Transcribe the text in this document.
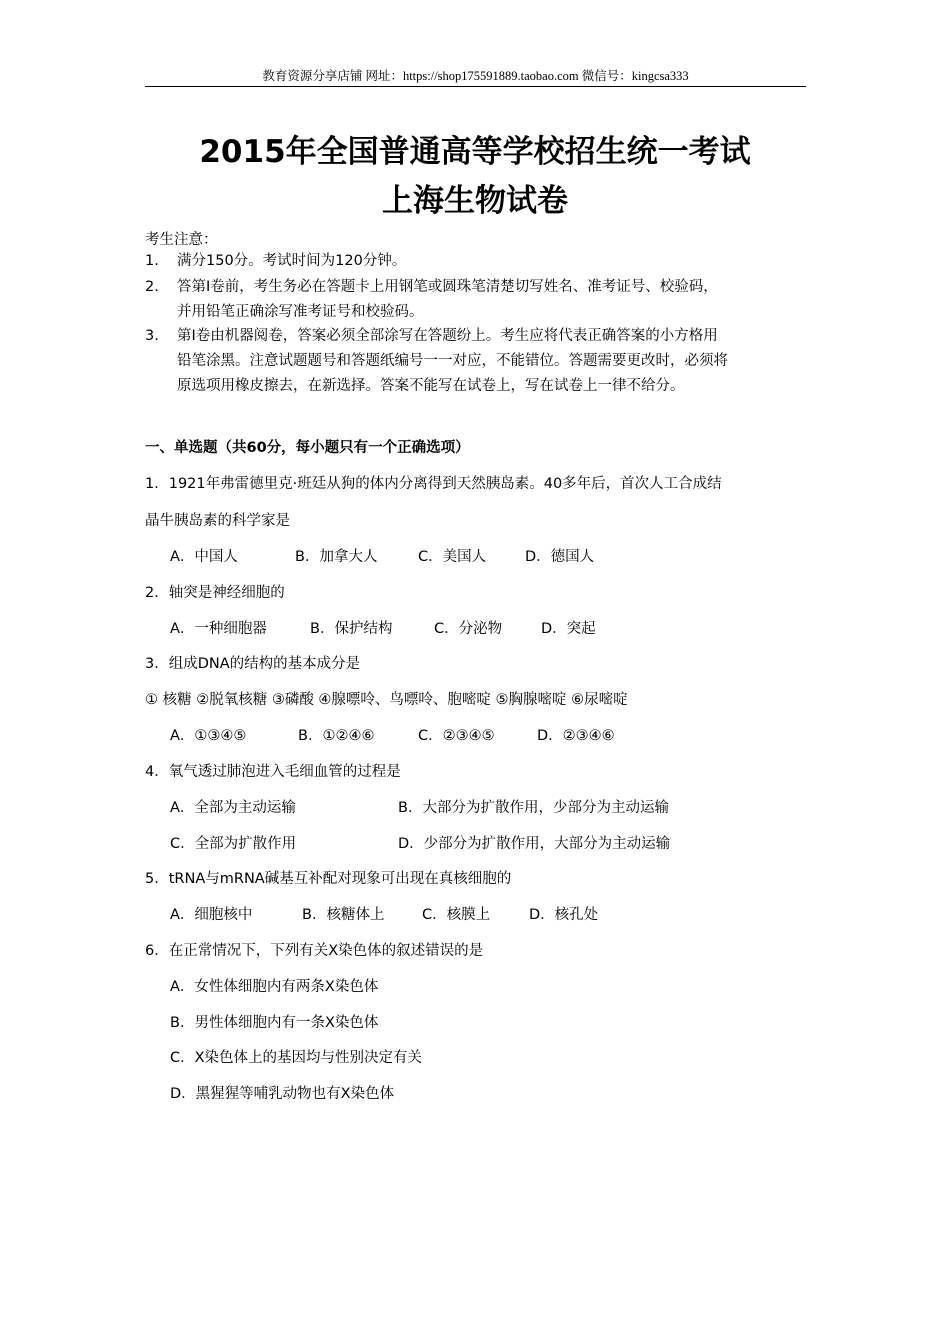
教育资源分享店铺 网址：https://shop175591889.taobao.com 微信号：kingcsa333
2015年全国普通高等学校招生统一考试
上海生物试卷
考生注意：
1. 满分150分。考试时间为120分钟。
2. 答第Ⅰ卷前，考生务必在答题卡上用钢笔或圆珠笔清楚切写姓名、准考证号、校验码，
并用铅笔正确涂写准考证号和校验码。
3. 第Ⅰ卷由机器阅卷，答案必须全部涂写在答题纷上。考生应将代表正确答案的小方格用
铅笔涂黑。注意试题题号和答题纸编号一一对应，不能错位。答题需要更改时，必须将
原选项用橡皮擦去，在新选择。答案不能写在试卷上，写在试卷上一律不给分。
一、单选题（共60分，每小题只有一个正确选项）
1．1921年弗雷德里克·班廷从狗的体内分离得到天然胰岛素。40多年后，首次人工合成结
晶牛胰岛素的科学家是
A．中国人	B．加拿大人	C．美国人	D．德国人
2．轴突是神经细胞的
A．一种细胞器	B．保护结构	C．分泌物	D．突起
3．组成DNA的结构的基本成分是
① 核糖 ②脱氧核糖 ③磷酸 ④腺嘌呤、鸟嘌呤、胞嘧啶 ⑤胸腺嘧啶 ⑥尿嘧啶
A．①③④⑤	B．①②④⑥	C．②③④⑤	D．②③④⑥
4．氧气透过肺泡进入毛细血管的过程是
A．全部为主动运输	B．大部分为扩散作用，少部分为主动运输
C．全部为扩散作用	D．少部分为扩散作用，大部分为主动运输
5．tRNA与mRNA碱基互补配对现象可出现在真核细胞的
A．细胞核中	B．核糖体上	C．核膜上	D．核孔处
6．在正常情况下，下列有关X染色体的叙述错误的是
A．女性体细胞内有两条X染色体
B．男性体细胞内有一条X染色体
C．X染色体上的基因均与性别决定有关
D．黑猩猩等哺乳动物也有X染色体
